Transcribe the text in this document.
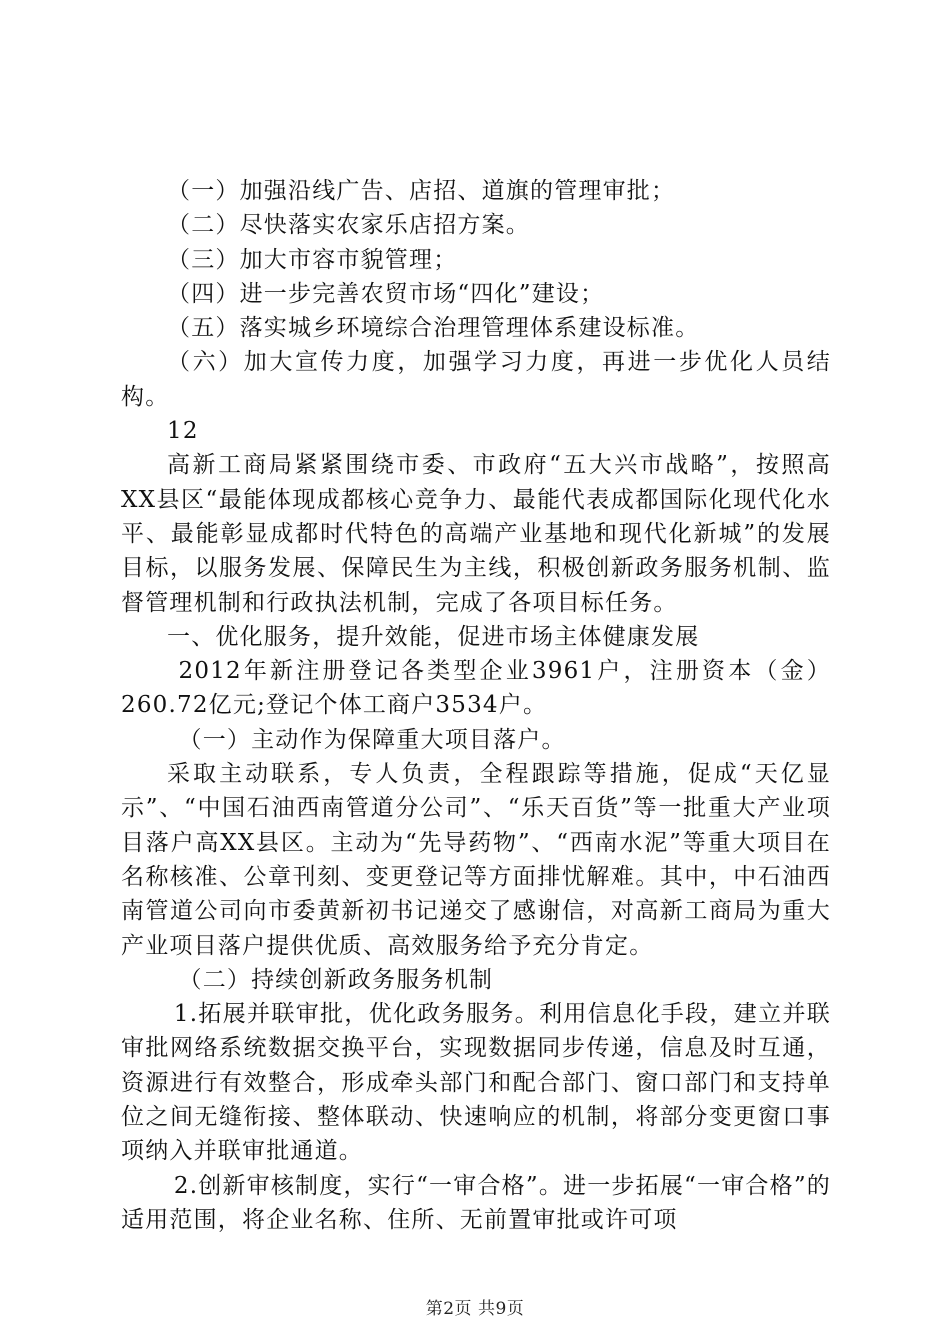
（一）加强沿线广告、店招、道旗的管理审批；

（二）尽快落实农家乐店招方案。

（三）加大市容市貌管理；

（四）进一步完善农贸市场“四化”建设；

（五）落实城乡环境综合治理管理体系建设标准。

（六）加大宣传力度，加强学习力度，再进一步优化人员结构。

12

高新工商局紧紧围绕市委、市政府“五大兴市战略”，按照高XX县区“最能体现成都核心竞争力、最能代表成都国际化现代化水平、最能彰显成都时代特色的高端产业基地和现代化新城”的发展目标，以服务发展、保障民生为主线，积极创新政务服务机制、监督管理机制和行政执法机制，完成了各项目标任务。

一、优化服务，提升效能，促进市场主体健康发展

2012年新注册登记各类型企业3961户，注册资本（金）260.72亿元;登记个体工商户3534户。

（一）主动作为保障重大项目落户。

采取主动联系，专人负责，全程跟踪等措施，促成“天亿显示”、“中国石油西南管道分公司”、“乐天百货”等一批重大产业项目落户高XX县区。主动为“先导药物”、“西南水泥”等重大项目在名称核准、公章刊刻、变更登记等方面排忧解难。其中，中石油西南管道公司向市委黄新初书记递交了感谢信，对高新工商局为重大产业项目落户提供优质、高效服务给予充分肯定。

（二）持续创新政务服务机制

1.拓展并联审批，优化政务服务。利用信息化手段，建立并联审批网络系统数据交换平台，实现数据同步传递，信息及时互通，资源进行有效整合，形成牵头部门和配合部门、窗口部门和支持单位之间无缝衔接、整体联动、快速响应的机制，将部分变更窗口事项纳入并联审批通道。

2.创新审核制度，实行“一审合格”。进一步拓展“一审合格”的适用范围，将企业名称、住所、无前置审批或许可项

第2页 共9页
